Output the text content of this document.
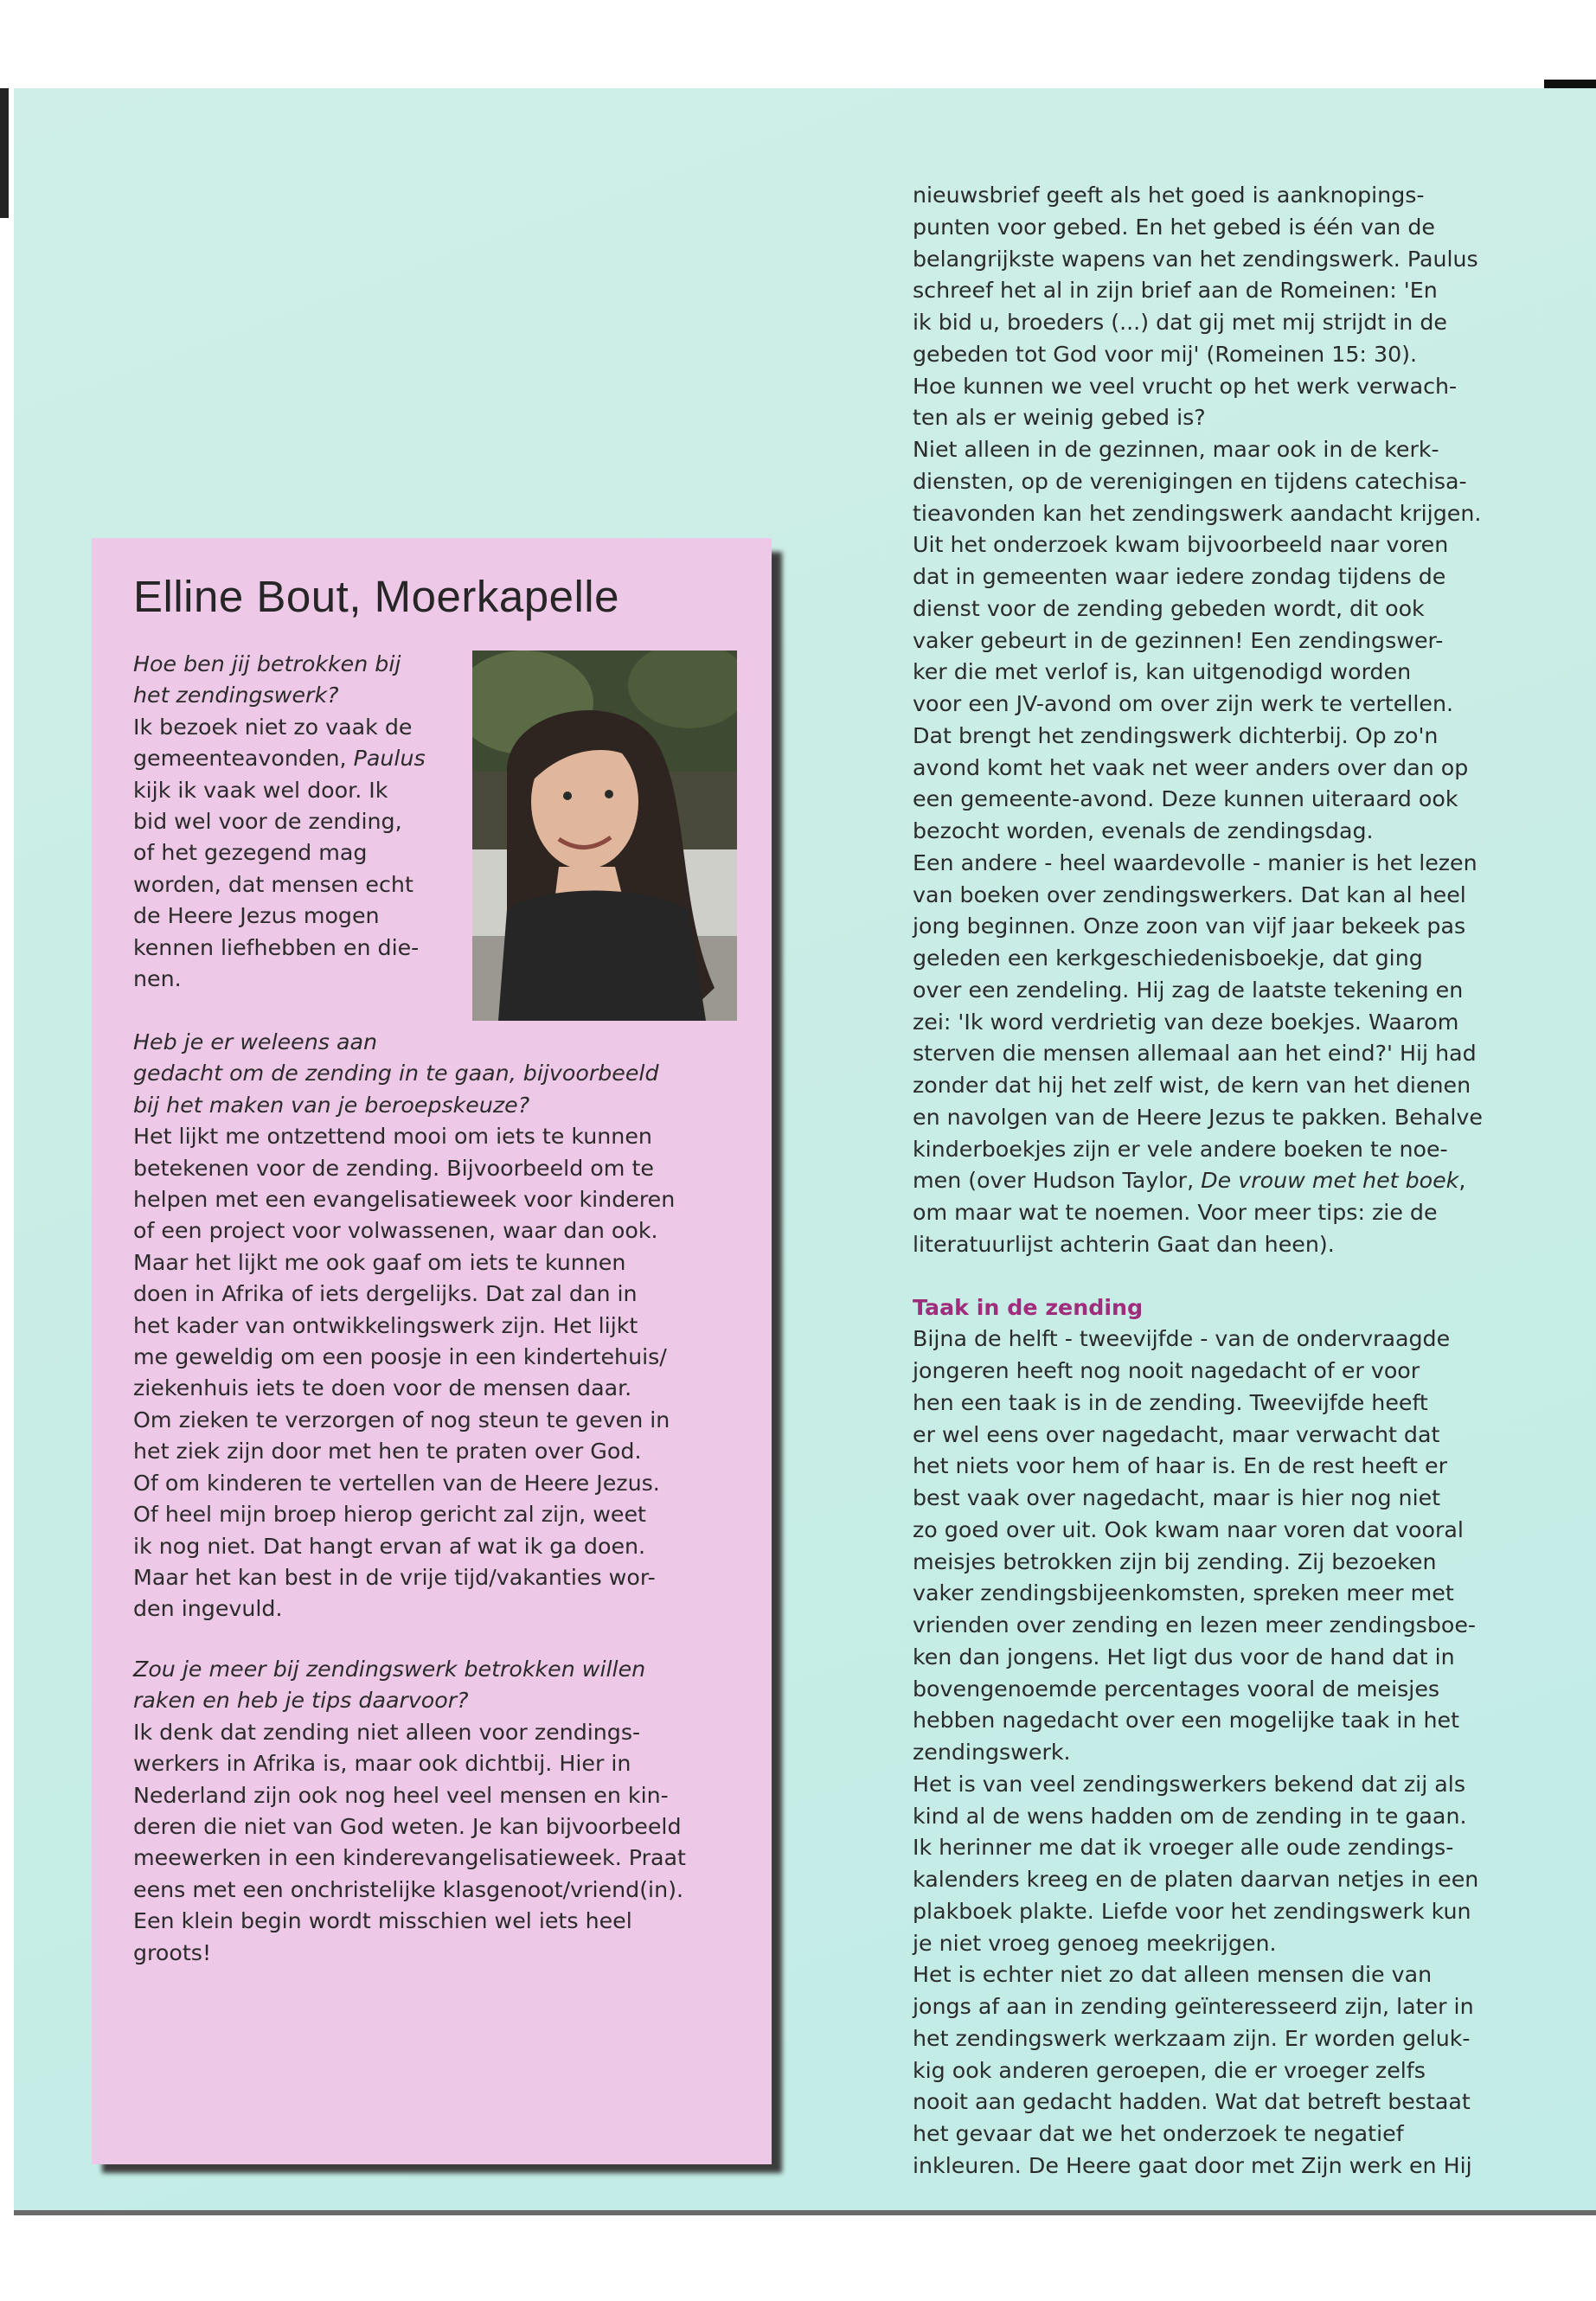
Elline Bout, Moerkapelle
Hoe ben jij betrokken bij
het zendingswerk?
Ik bezoek niet zo vaak de
gemeenteavonden, Paulus
kijk ik vaak wel door. Ik
bid wel voor de zending,
of het gezegend mag
worden, dat mensen echt
de Heere Jezus mogen
kennen liefhebben en die-
nen.
Heb je er weleens aan
gedacht om de zending in te gaan, bijvoorbeeld
bij het maken van je beroepskeuze?
Het lijkt me ontzettend mooi om iets te kunnen
betekenen voor de zending. Bijvoorbeeld om te
helpen met een evangelisatieweek voor kinderen
of een project voor volwassenen, waar dan ook.
Maar het lijkt me ook gaaf om iets te kunnen
doen in Afrika of iets dergelijks. Dat zal dan in
het kader van ontwikkelingswerk zijn. Het lijkt
me geweldig om een poosje in een kindertehuis/
ziekenhuis iets te doen voor de mensen daar.
Om zieken te verzorgen of nog steun te geven in
het ziek zijn door met hen te praten over God.
Of om kinderen te vertellen van de Heere Jezus.
Of heel mijn broep hierop gericht zal zijn, weet
ik nog niet. Dat hangt ervan af wat ik ga doen.
Maar het kan best in de vrije tijd/vakanties wor-
den ingevuld.
Zou je meer bij zendingswerk betrokken willen
raken en heb je tips daarvoor?
Ik denk dat zending niet alleen voor zendings-
werkers in Afrika is, maar ook dichtbij. Hier in
Nederland zijn ook nog heel veel mensen en kin-
deren die niet van God weten. Je kan bijvoorbeeld
meewerken in een kinderevangelisatieweek. Praat
eens met een onchristelijke klasgenoot/vriend(in).
Een klein begin wordt misschien wel iets heel
groots!
nieuwsbrief geeft als het goed is aanknopings-
punten voor gebed. En het gebed is één van de
belangrijkste wapens van het zendingswerk. Paulus
schreef het al in zijn brief aan de Romeinen: 'En
ik bid u, broeders (...) dat gij met mij strijdt in de
gebeden tot God voor mij' (Romeinen 15: 30).
Hoe kunnen we veel vrucht op het werk verwach-
ten als er weinig gebed is?
Niet alleen in de gezinnen, maar ook in de kerk-
diensten, op de verenigingen en tijdens catechisa-
tieavonden kan het zendingswerk aandacht krijgen.
Uit het onderzoek kwam bijvoorbeeld naar voren
dat in gemeenten waar iedere zondag tijdens de
dienst voor de zending gebeden wordt, dit ook
vaker gebeurt in de gezinnen! Een zendingswer-
ker die met verlof is, kan uitgenodigd worden
voor een JV-avond om over zijn werk te vertellen.
Dat brengt het zendingswerk dichterbij. Op zo'n
avond komt het vaak net weer anders over dan op
een gemeente-avond. Deze kunnen uiteraard ook
bezocht worden, evenals de zendingsdag.
Een andere - heel waardevolle - manier is het lezen
van boeken over zendingswerkers. Dat kan al heel
jong beginnen. Onze zoon van vijf jaar bekeek pas
geleden een kerkgeschiedenisboekje, dat ging
over een zendeling. Hij zag de laatste tekening en
zei: 'Ik word verdrietig van deze boekjes. Waarom
sterven die mensen allemaal aan het eind?' Hij had
zonder dat hij het zelf wist, de kern van het dienen
en navolgen van de Heere Jezus te pakken. Behalve
kinderboekjes zijn er vele andere boeken te noe-
men (over Hudson Taylor, De vrouw met het boek,
om maar wat te noemen. Voor meer tips: zie de
literatuurlijst achterin Gaat dan heen).
Taak in de zending
Bijna de helft - tweevijfde - van de ondervraagde
jongeren heeft nog nooit nagedacht of er voor
hen een taak is in de zending. Tweevijfde heeft
er wel eens over nagedacht, maar verwacht dat
het niets voor hem of haar is. En de rest heeft er
best vaak over nagedacht, maar is hier nog niet
zo goed over uit. Ook kwam naar voren dat vooral
meisjes betrokken zijn bij zending. Zij bezoeken
vaker zendingsbijeenkomsten, spreken meer met
vrienden over zending en lezen meer zendingsboe-
ken dan jongens. Het ligt dus voor de hand dat in
bovengenoemde percentages vooral de meisjes
hebben nagedacht over een mogelijke taak in het
zendingswerk.
Het is van veel zendingswerkers bekend dat zij als
kind al de wens hadden om de zending in te gaan.
Ik herinner me dat ik vroeger alle oude zendings-
kalenders kreeg en de platen daarvan netjes in een
plakboek plakte. Liefde voor het zendingswerk kun
je niet vroeg genoeg meekrijgen.
Het is echter niet zo dat alleen mensen die van
jongs af aan in zending geïnteresseerd zijn, later in
het zendingswerk werkzaam zijn. Er worden geluk-
kig ook anderen geroepen, die er vroeger zelfs
nooit aan gedacht hadden. Wat dat betreft bestaat
het gevaar dat we het onderzoek te negatief
inkleuren. De Heere gaat door met Zijn werk en Hij
